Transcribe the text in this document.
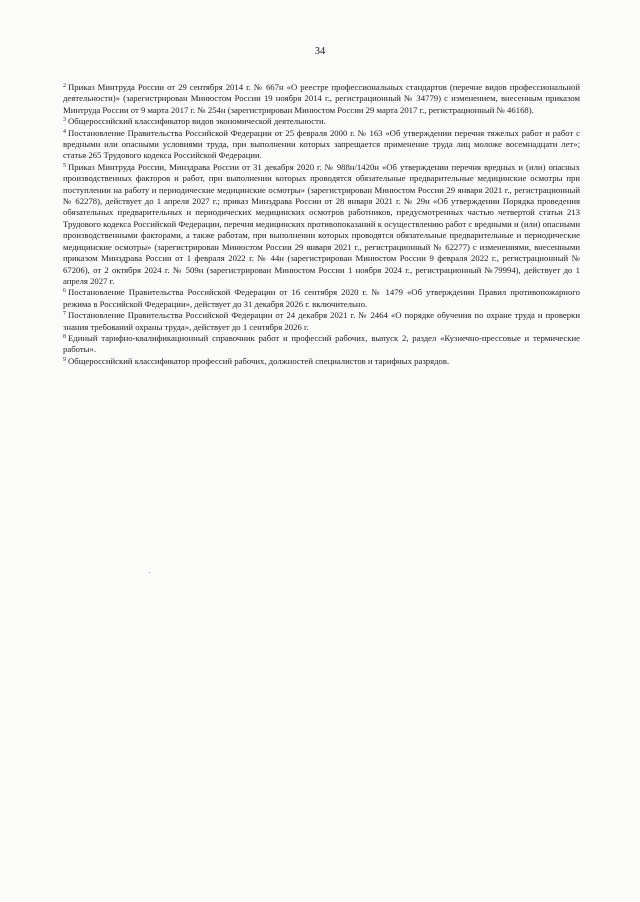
34

$^2$ Приказ Минтруда России от 29 сентября 2014 г. № 667н «О реестре профессиональных стандартов (перечне видов профессиональной деятельности)» (зарегистрирован Минюстом России 19 ноября 2014 г., регистрационный № 34779) с изменением, внесенным приказом Минтруда России от 9 марта 2017 г. № 254н (зарегистрирован Минюстом России 29 марта 2017 г., регистрационный № 46168).

$^3$ Общероссийский классификатор видов экономической деятельности.

$^4$ Постановление Правительства Российской Федерации от 25 февраля 2000 г. № 163 «Об утверждении перечня тяжелых работ и работ с вредными или опасными условиями труда, при выполнении которых запрещается применение труда лиц моложе восемнадцати лет»; статья 265 Трудового кодекса Российской Федерации.

$^5$ Приказ Минтруда России, Минздрава России от 31 декабря 2020 г. № 988н/1420н «Об утверждении перечня вредных и (или) опасных производственных факторов и работ, при выполнении которых проводятся обязательные предварительные медицинские осмотры при поступлении на работу и периодические медицинские осмотры» (зарегистрирован Минюстом России 29 января 2021 г., регистрационный № 62278), действует до 1 апреля 2027 г.; приказ Минздрава России от 28 января 2021 г. № 29н «Об утверждении Порядка проведения обязательных предварительных и периодических медицинских осмотров работников, предусмотренных частью четвертой статьи 213 Трудового кодекса Российской Федерации, перечня медицинских противопоказаний к осуществлению работ с вредными и (или) опасными производственными факторами, а также работам, при выполнении которых проводятся обязательные предварительные и периодические медицинские осмотры» (зарегистрирован Минюстом России 29 января 2021 г., регистрационный № 62277) с изменениями, внесенными приказом Минздрава России от 1 февраля 2022 г. № 44н (зарегистрирован Минюстом России 9 февраля 2022 г., регистрационный № 67206), от 2 октября 2024 г. № 509н (зарегистрирован Минюстом России 1 ноября 2024 г., регистрационный №79994), действует до 1 апреля 2027 г.

$^6$ Постановление Правительства Российской Федерации от 16 сентября 2020 г. № 1479 «Об утверждении Правил противопожарного режима в Российской Федерации», действует до 31 декабря 2026 г. включительно.

$^7$ Постановление Правительства Российской Федерации от 24 декабря 2021 г. № 2464 «О порядке обучения по охране труда и проверки знания требований охраны труда», действует до 1 сентября 2026 г.

$^8$ Единый тарифно-квалификационный справочник работ и профессий рабочих, выпуск 2, раздел «Кузнечно-прессовые и термические работы».

$^9$ Общероссийский классификатор профессий рабочих, должностей специалистов и тарифных разрядов.
